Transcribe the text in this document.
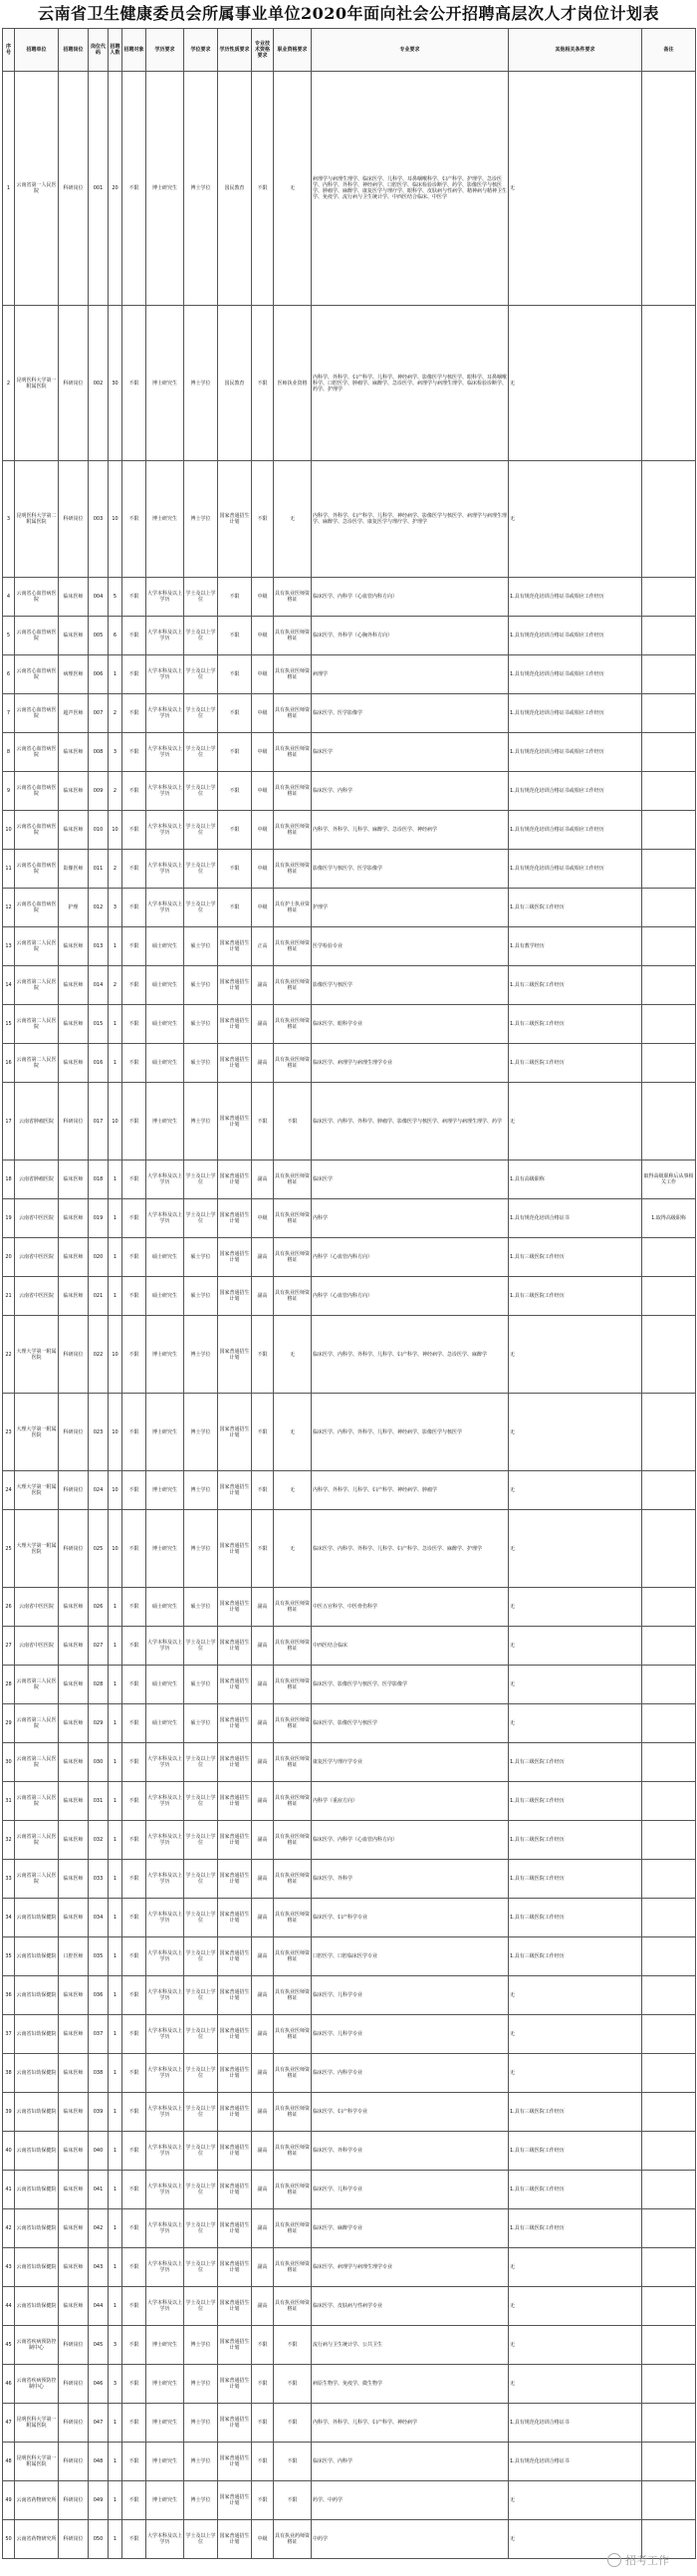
云南省卫生健康委员会所属事业单位2020年面向社会公开招聘高层次人才岗位计划表
序号	招聘单位	招聘岗位	岗位代码	招聘人数	招聘对象	学历要求	学位要求	学历性质要求	专业技术资格要求	职业资格要求	专业要求	其他相关条件要求	备注
1	云南省第一人民医院	科研岗位	001	20	不限	博士研究生	博士学位	国民教育	不限	无	病理学与病理生理学、临床医学、儿科学、耳鼻咽喉科学、妇产科学、护理学、急诊医学、内科学、外科学、神经病学、口腔医学、临床检验诊断学、药学、影像医学与核医学、肿瘤学、麻醉学、康复医学与理疗学、眼科学、皮肤病与性病学、精神病与精神卫生学、免疫学、流行病与卫生统计学、中西医结合临床、中医学	无	
2	昆明医科大学第一附属医院	科研岗位	002	30	不限	博士研究生	博士学位	国民教育	不限	医师执业资格	内科学、外科学、妇产科学、儿科学、神经病学、影像医学与核医学、眼科学、耳鼻咽喉科学、口腔医学、肿瘤学、麻醉学、急诊医学、病理学与病理生理学、临床检验诊断学、药学、护理学	无	
3	昆明医科大学第二附属医院	科研岗位	003	10	不限	博士研究生	博士学位	国家普通招生计划	不限	无	内科学、外科学、妇产科学、儿科学、神经病学、影像医学与核医学、病理学与病理生理学、麻醉学、急诊医学、康复医学与理疗学、护理学	无	
4	云南省心血管病医院	临床医师	004	5	不限	大学本科及以上学历	学士及以上学位	不限	中级	具有执业医师资格证	临床医学、内科学（心血管内科方向）	1.具有规范化培训合格证书或相应工作经历	
5	云南省心血管病医院	临床医师	005	6	不限	大学本科及以上学历	学士及以上学位	不限	中级	具有执业医师资格证	临床医学、外科学（心胸外科方向）	1.具有规范化培训合格证书或相应工作经历	
6	云南省心血管病医院	病理医师	006	1	不限	大学本科及以上学历	学士及以上学位	不限	中级	具有执业医师资格证	病理学	1.具有规范化培训合格证书或相应工作经历	
7	云南省心血管病医院	超声医师	007	2	不限	大学本科及以上学历	学士及以上学位	不限	中级	具有执业医师资格证	临床医学、医学影像学	1.具有规范化培训合格证书或相应工作经历	
8	云南省心血管病医院	临床医师	008	3	不限	大学本科及以上学历	学士及以上学位	不限	中级	具有执业医师资格证	临床医学	1.具有规范化培训合格证书或相应工作经历	
9	云南省心血管病医院	临床医师	009	2	不限	大学本科及以上学历	学士及以上学位	不限	中级	具有执业医师资格证	临床医学、内科学	1.具有规范化培训合格证书或相应工作经历	
10	云南省心血管病医院	临床医师	010	10	不限	大学本科及以上学历	学士及以上学位	不限	中级	具有执业医师资格证	内科学、外科学、儿科学、麻醉学、急诊医学、神经病学	1.具有规范化培训合格证书或相应工作经历	
11	云南省心血管病医院	影像医师	011	2	不限	大学本科及以上学历	学士及以上学位	不限	中级	具有执业医师资格证	影像医学与核医学、医学影像学	1.具有规范化培训合格证书或相应工作经历	
12	云南省心血管病医院	护理	012	3	不限	大学本科及以上学历	学士及以上学位	不限	中级	具有护士执业资格证	护理学	1.具有三级医院工作经历	
13	云南省第二人民医院	临床医师	013	1	不限	硕士研究生	硕士学位	国家普通招生计划	正高	具有执业医师资格证	医学检验专业	1.具有教学经历	
14	云南省第二人民医院	临床医师	014	2	不限	硕士研究生	硕士学位	国家普通招生计划	副高	具有执业医师资格证	影像医学与核医学	1.具有三级医院工作经历	
15	云南省第二人民医院	临床医师	015	1	不限	硕士研究生	硕士学位	国家普通招生计划	副高	具有执业医师资格证	临床医学、眼科学专业	1.具有三级医院工作经历	
16	云南省第二人民医院	临床医师	016	1	不限	硕士研究生	硕士学位	国家普通招生计划	副高	具有执业医师资格证	临床医学、病理学与病理生理学专业	1.具有三级医院工作经历	
17	云南省肿瘤医院	科研岗位	017	10	不限	博士研究生	博士学位	国家普通招生计划	不限	不限	临床医学、内科学、外科学、肿瘤学、影像医学与核医学、病理学与病理生理学、药学	无	
18	云南省肿瘤医院	临床医师	018	1	不限	大学本科及以上学历	学士及以上学位	国家普通招生计划	副高	具有执业医师资格证	临床医学	1.具有高级职称	取得高级职称后从事相关工作
19	云南省中医医院	临床医师	019	1	不限	大学本科及以上学历	学士及以上学位	国家普通招生计划	中级	具有执业医师资格证	内科学	1.具有规范化培训合格证书	1.取得高级职称
20	云南省中医医院	临床医师	020	1	不限	硕士研究生	硕士学位	国家普通招生计划	副高	具有执业医师资格证	内科学（心血管内科方向）	1.具有三级医院工作经历	
21	云南省中医医院	临床医师	021	1	不限	硕士研究生	硕士学位	国家普通招生计划	副高	具有执业医师资格证	内科学（心血管内科方向）	1.具有三级医院工作经历	
22	大理大学第一附属医院	科研岗位	022	10	不限	博士研究生	博士学位	国家普通招生计划	不限	无	临床医学、内科学、外科学、儿科学、妇产科学、神经病学、急诊医学、麻醉学	无	
23	大理大学第一附属医院	科研岗位	023	10	不限	博士研究生	博士学位	国家普通招生计划	不限	无	临床医学、内科学、外科学、儿科学、神经病学、影像医学与核医学	无	
24	大理大学第一附属医院	科研岗位	024	10	不限	博士研究生	博士学位	国家普通招生计划	不限	无	内科学、外科学、儿科学、妇产科学、神经病学、肿瘤学	无	
25	大理大学第一附属医院	科研岗位	025	10	不限	博士研究生	博士学位	国家普通招生计划	不限	无	临床医学、内科学、外科学、儿科学、妇产科学、急诊医学、麻醉学、护理学	无	
26	云南省中医医院	临床医师	026	1	不限	硕士研究生	硕士学位	国家普通招生计划	副高	具有执业医师资格证	中医五官科学、中医骨伤科学	无	
27	云南省中医医院	临床医师	027	1	不限	大学本科及以上学历	学士及以上学位	国家普通招生计划	副高	具有执业医师资格证	中西医结合临床	无	
28	云南省第三人民医院	临床医师	028	1	不限	硕士研究生	硕士学位	国家普通招生计划	副高	具有执业医师资格证	临床医学、影像医学与核医学、医学影像学	无	
29	云南省第三人民医院	临床医师	029	1	不限	硕士研究生	硕士学位	国家普通招生计划	副高	具有执业医师资格证	临床医学、影像医学与核医学	无	
30	云南省第三人民医院	临床医师	030	1	不限	大学本科及以上学历	学士及以上学位	国家普通招生计划	副高	具有执业医师资格证	康复医学与理疗学专业	1.具有三级医院工作经历	
31	云南省第三人民医院	临床医师	031	1	不限	大学本科及以上学历	学士及以上学位	国家普通招生计划	副高	具有执业医师资格证	内科学（重症方向）	1.具有三级医院工作经历	
32	云南省第三人民医院	临床医师	032	1	不限	大学本科及以上学历	学士及以上学位	国家普通招生计划	副高	具有执业医师资格证	临床医学、内科学（心血管内科方向）	1.具有三级医院工作经历	
33	云南省第三人民医院	临床医师	033	1	不限	大学本科及以上学历	学士及以上学位	国家普通招生计划	副高	具有执业医师资格证	临床医学、外科学	1.具有三级医院工作经历	
34	云南省妇幼保健院	临床医师	034	1	不限	大学本科及以上学历	学士及以上学位	国家普通招生计划	副高	具有执业医师资格证	临床医学、妇产科学专业	1.具有三级医院工作经历	
35	云南省妇幼保健院	口腔医师	035	1	不限	大学本科及以上学历	学士及以上学位	国家普通招生计划	副高	具有执业医师资格证	口腔医学、口腔临床医学专业	1.具有三级医院工作经历	
36	云南省妇幼保健院	临床医师	036	1	不限	大学本科及以上学历	学士及以上学位	国家普通招生计划	副高	具有执业医师资格证	临床医学、儿科学专业	无	
37	云南省妇幼保健院	临床医师	037	1	不限	大学本科及以上学历	学士及以上学位	国家普通招生计划	副高	具有执业医师资格证	临床医学、儿科学专业	无	
38	云南省妇幼保健院	临床医师	038	1	不限	大学本科及以上学历	学士及以上学位	国家普通招生计划	副高	具有执业医师资格证	临床医学、内科学专业	无	
39	云南省妇幼保健院	临床医师	039	1	不限	大学本科及以上学历	学士及以上学位	国家普通招生计划	副高	具有执业医师资格证	临床医学、妇产科学专业	1.具有三级医院工作经历	
40	云南省妇幼保健院	临床医师	040	1	不限	大学本科及以上学历	学士及以上学位	国家普通招生计划	副高	具有执业医师资格证	临床医学、外科学专业	1.具有三级医院工作经历	
41	云南省妇幼保健院	临床医师	041	1	不限	大学本科及以上学历	学士及以上学位	国家普通招生计划	副高	具有执业医师资格证	临床医学、儿科学专业	1.具有三级医院工作经历	
42	云南省妇幼保健院	临床医师	042	1	不限	大学本科及以上学历	学士及以上学位	国家普通招生计划	副高	具有执业医师资格证	临床医学、麻醉学专业	1.具有三级医院工作经历	
43	云南省妇幼保健院	临床医师	043	1	不限	大学本科及以上学历	学士及以上学位	国家普通招生计划	副高	具有执业医师资格证	临床医学、病理学与病理生理学专业	无	
44	云南省妇幼保健院	临床医师	044	1	不限	大学本科及以上学历	学士及以上学位	国家普通招生计划	副高	具有执业医师资格证	临床医学、皮肤病与性病学专业	无	
45	云南省疾病预防控制中心	科研岗位	045	3	不限	博士研究生	博士学位	国家普通招生计划	不限	不限	流行病与卫生统计学、公共卫生	无	
46	云南省疾病预防控制中心	科研岗位	046	3	不限	博士研究生	博士学位	国家普通招生计划	不限	不限	病原生物学、免疫学、微生物学	无	
47	昆明医科大学第一附属医院	科研岗位	047	1	不限	博士研究生	博士学位	国家普通招生计划	不限	不限	内科学、外科学、儿科学、妇产科学、神经病学	1.具有规范化培训合格证书	
48	昆明医科大学第一附属医院	科研岗位	048	1	不限	博士研究生	博士学位	国家普通招生计划	不限	不限	临床医学、内科学	1.具有规范化培训合格证书	
49	云南省药物研究所	科研岗位	049	1	不限	博士研究生	博士学位	国家普通招生计划	不限	不限	药学、中药学	无	
50	云南省药物研究所	科研岗位	050	1	不限	大学本科及以上学历	学士及以上学位	国家普通招生计划	中级	具有执业药师资格证	中药学	无	
招考工作
